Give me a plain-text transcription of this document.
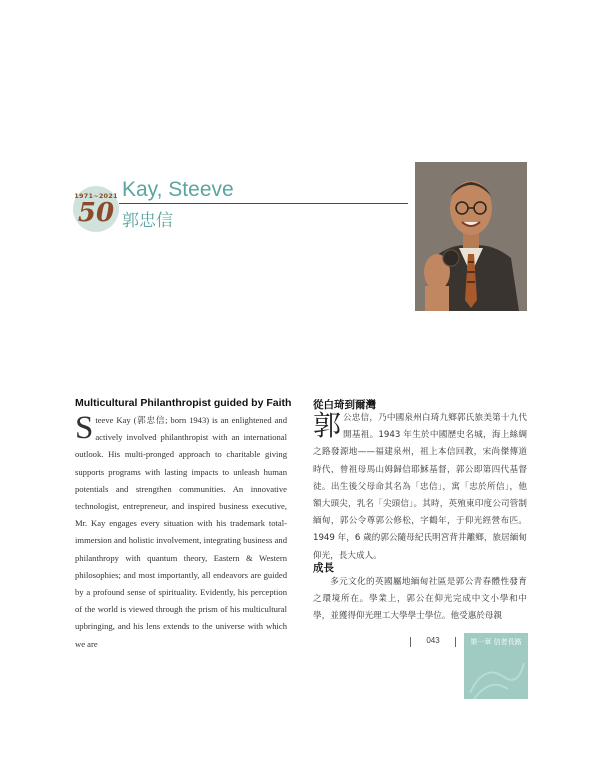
1971~2021
50
Kay, Steeve
郭忠信
Multicultural Philanthropist guided by Faith
Steeve Kay (郭忠信; born 1943) is an enlightened and actively involved philanthropist with an international outlook. His multi-pronged approach to charitable giving supports programs with lasting impacts to unleash human potentials and strengthen communities. An innovative technologist, entrepreneur, and inspired business executive, Mr. Kay engages every situation with his trademark total-immersion and holistic involvement, integrating business and philanthropy with quantum theory, Eastern & Western philosophies; and most importantly, all endeavors are guided by a profound sense of spirituality. Evidently, his perception of the world is viewed through the prism of his multicultural upbringing, and his lens extends to the universe with which we are
從白琦到爾灣
郭公忠信，乃中國泉州白琦九鄉郭氏旅美第十九代開基祖。1943 年生於中國歷史名城，海上絲綢之路發源地——福建泉州，祖上本信回教，宋尚傑傳道時代，曾祖母馬山姆歸信耶穌基督，郭公即第四代基督徒。出生後父母命其名為「忠信」，寓「忠於所信」，他額大頭尖，乳名「尖頭信」。其時，英殖東印度公司管制緬甸，郭公令尊郭公修松，字鶴年，于仰光經營布匹。1949 年，6 歲的郭公隨母紀氏明宮背井離鄉，旅居緬甸仰光，長大成人。
成長
多元文化的英國屬地緬甸社區是郭公青春體性發育之環境所在。學業上，郭公在仰光完成中文小學和中學，並獲得仰光理工大學學士學位。他受惠於母親
043	第一章 信者長路
